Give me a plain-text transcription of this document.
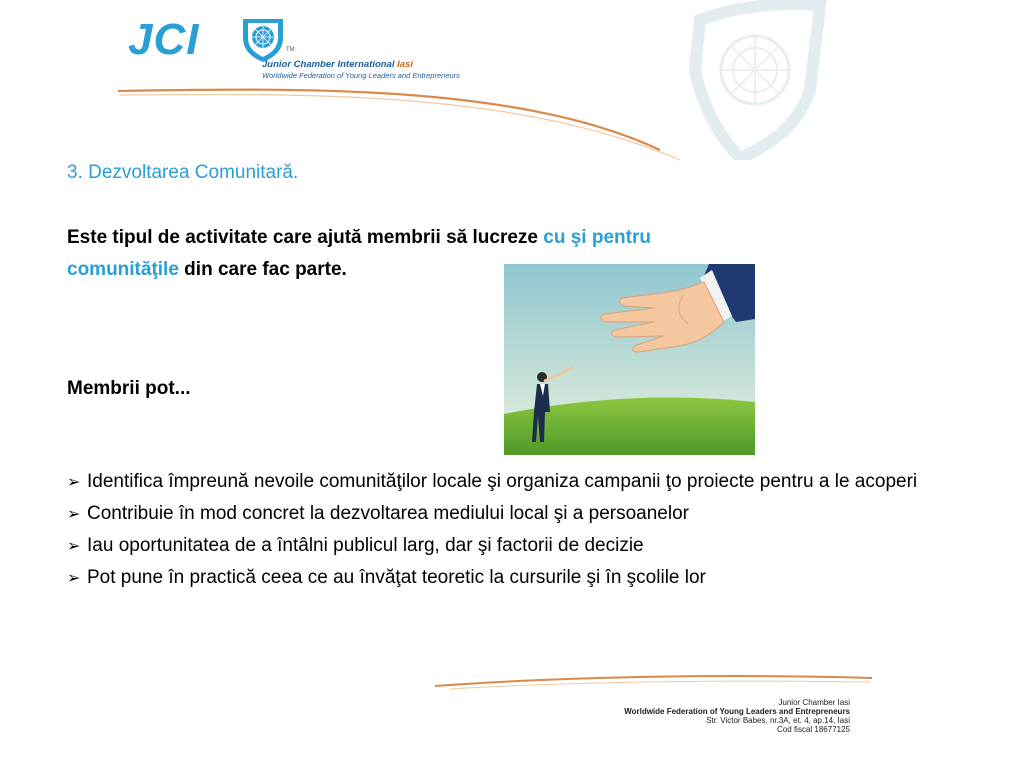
JCI	TM
Junior Chamber International Iasi
Worldwide Federation of Young Leaders and Entrepreneurs
3. Dezvoltarea Comunitară.
Este tipul de activitate care ajută membrii să lucreze cu şi pentru
comunităţile din care fac parte.
Membrii pot...
➢ Identifica împreună nevoile comunităţilor locale şi organiza campanii ţo proiecte pentru a le acoperi
➢ Contribuie în mod concret la dezvoltarea mediului local şi a persoanelor
➢ Iau oportunitatea de a întâlni publicul larg, dar şi factorii de decizie
➢ Pot pune în practică ceea ce au învăţat teoretic la cursurile şi în şcolile lor
Junior Chamber Iasi
Worldwide Federation of Young Leaders and Entrepreneurs
Str. Victor Babes, nr.3A, et. 4, ap.14, Iasi
Cod fiscal 18677125
